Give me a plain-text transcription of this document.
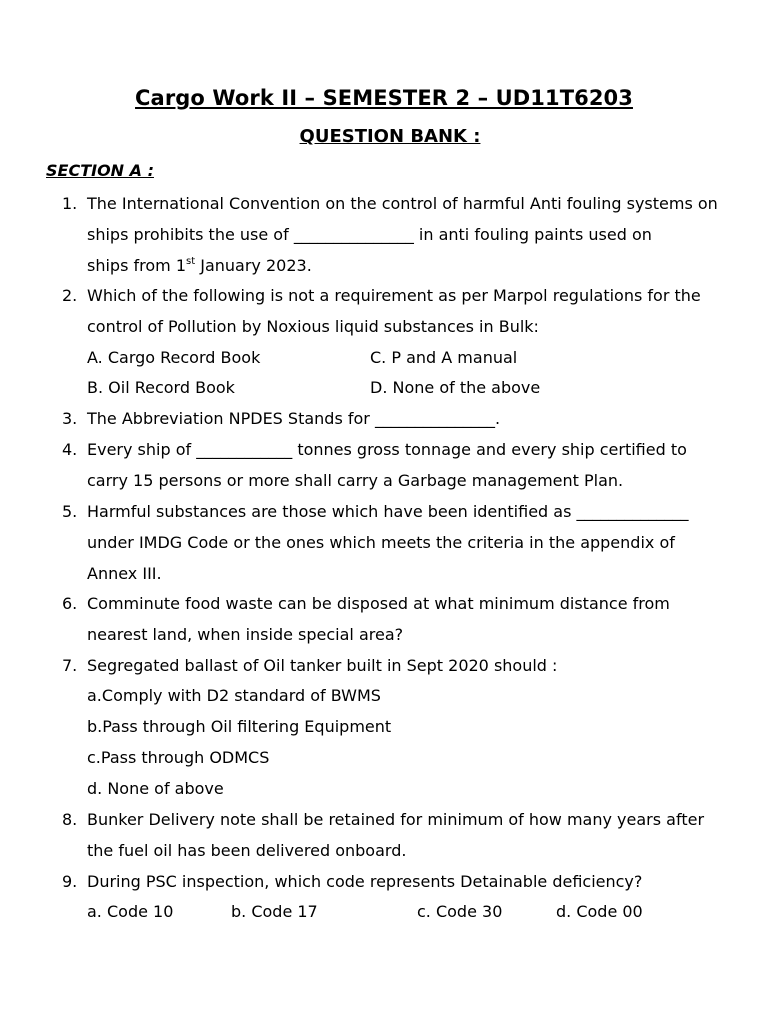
Cargo Work II – SEMESTER 2 – UD11T6203
QUESTION BANK :
SECTION A :
1. The International Convention on the control of harmful Anti fouling systems on
ships prohibits the use of _______________ in anti fouling paints used on
ships from 1st January 2023.
2. Which of the following is not a requirement as per Marpol regulations for the
control of Pollution by Noxious liquid substances in Bulk:
A. Cargo Record Book	C. P and A manual
B. Oil Record Book	D. None of the above
3. The Abbreviation NPDES Stands for _______________.
4. Every ship of ____________ tonnes gross tonnage and every ship certified to
carry 15 persons or more shall carry a Garbage management Plan.
5. Harmful substances are those which have been identified as ______________
under IMDG Code or the ones which meets the criteria in the appendix of
Annex III.
6. Comminute food waste can be disposed at what minimum distance from
nearest land, when inside special area?
7. Segregated ballast of Oil tanker built in Sept 2020 should :
a.Comply with D2 standard of BWMS
b.Pass through Oil filtering Equipment
c.Pass through ODMCS
d. None of above
8. Bunker Delivery note shall be retained for minimum of how many years after
the fuel oil has been delivered onboard.
9. During PSC inspection, which code represents Detainable deficiency?
a. Code 10	b. Code 17	c. Code 30	d. Code 00
